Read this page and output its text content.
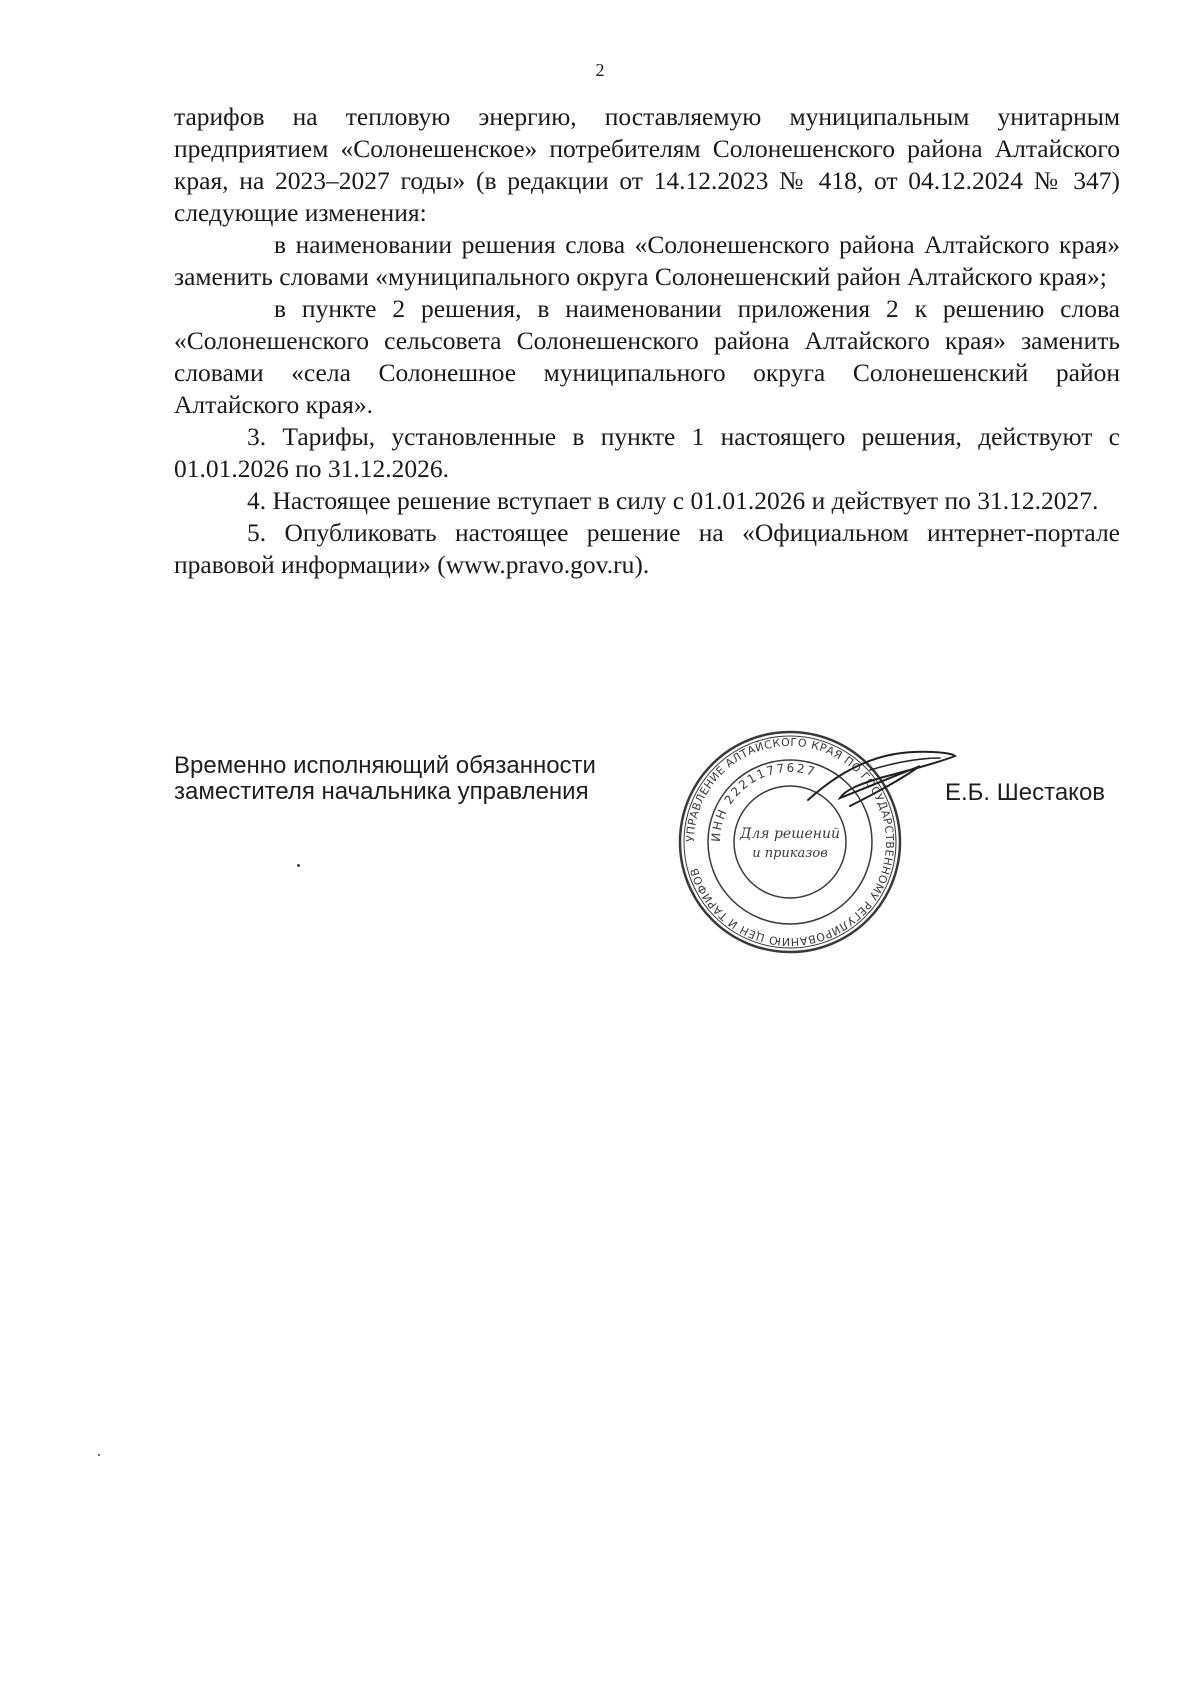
2

тарифов на тепловую энергию, поставляемую муниципальным унитарным предприятием «Солонешенское» потребителям Солонешенского района Алтайского края, на 2023–2027 годы» (в редакции от 14.12.2023 № 418, от 04.12.2024 № 347) следующие изменения:

в наименовании решения слова «Солонешенского района Алтайского края» заменить словами «муниципального округа Солонешенский район Алтайского края»;

в пункте 2 решения, в наименовании приложения 2 к решению слова «Солонешенского сельсовета Солонешенского района Алтайского края» заменить словами «села Солонешное муниципального округа Солонешенский район Алтайского края».

3. Тарифы, установленные в пункте 1 настоящего решения, действуют с 01.01.2026 по 31.12.2026.

4. Настоящее решение вступает в силу с 01.01.2026 и действует по 31.12.2027.

5. Опубликовать настоящее решение на «Официальном интернет-портале правовой информации» (www.pravo.gov.ru).

Временно исполняющий обязанности
заместителя начальника управления
УПРАВЛЕНИЕ АЛТАЙСКОГО КРАЯ ПО ГОСУДАРСТВЕННОМУ РЕГУЛИРОВАНИЮ ЦЕН И ТАРИФОВ
ИНН 2221177627
Для решений
и приказов
Е.Б. Шестаков
